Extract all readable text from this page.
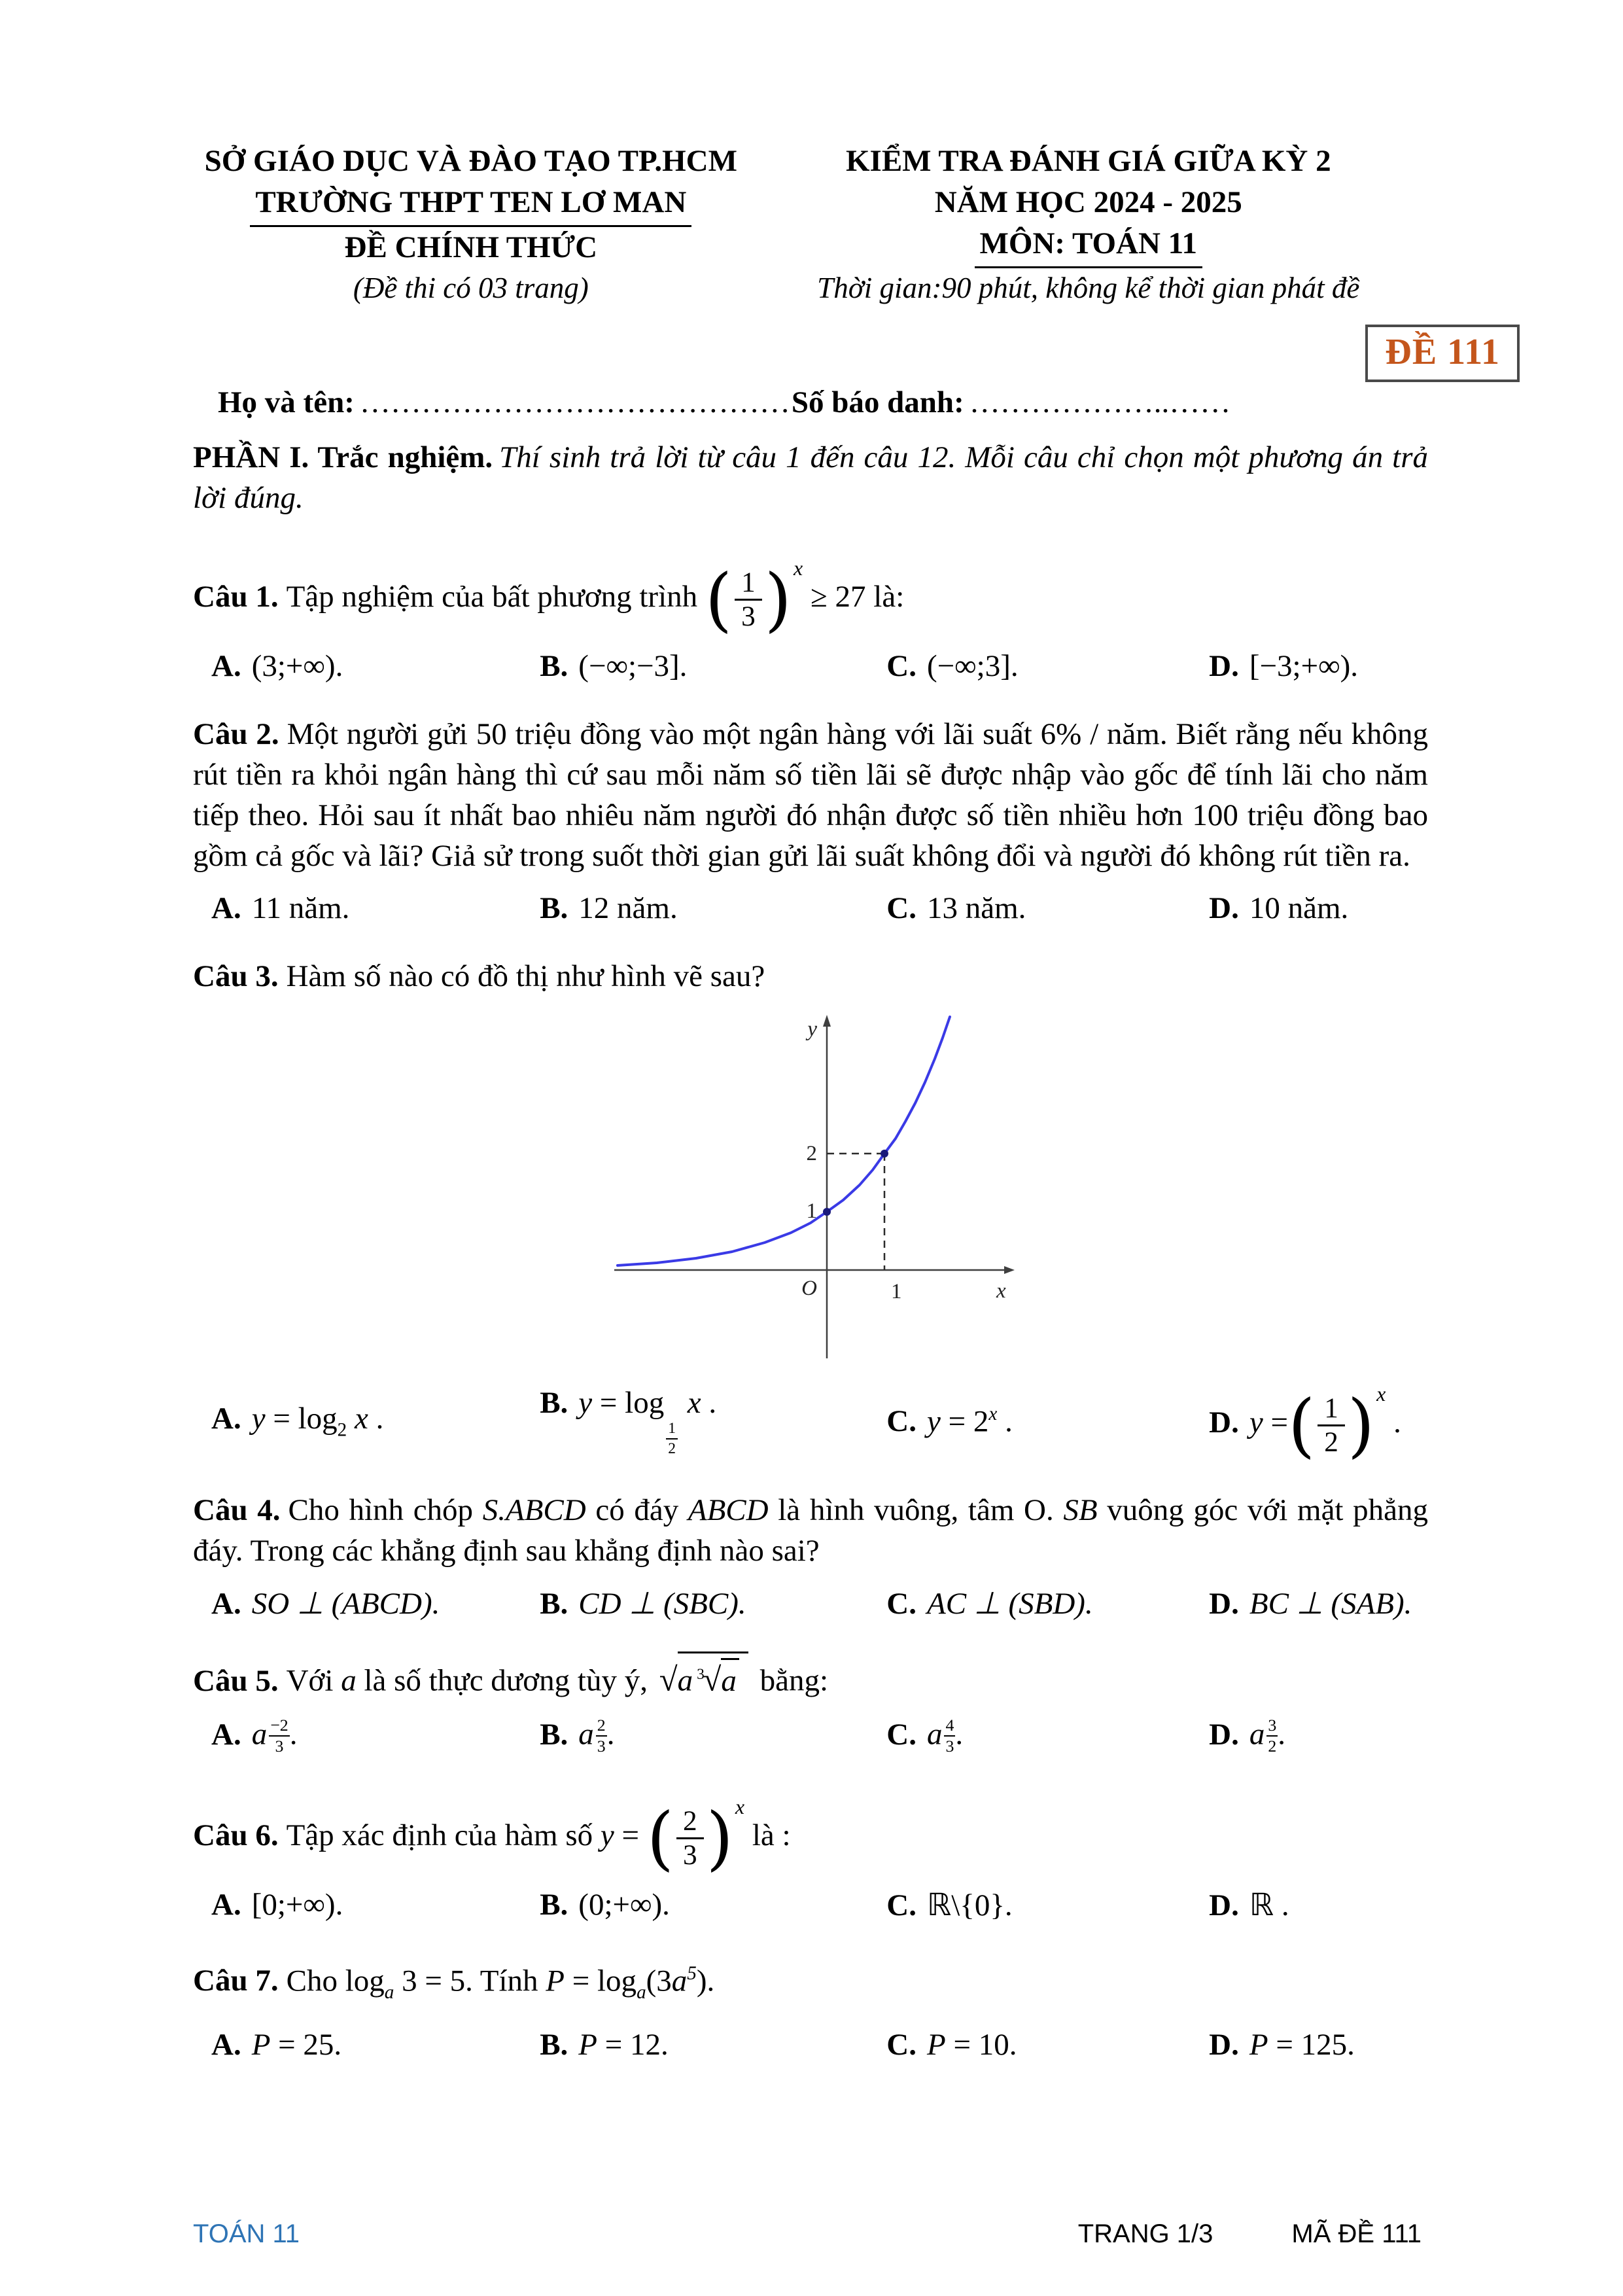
SỞ GIÁO DỤC VÀ ĐÀO TẠO TP.HCM
TRƯỜNG THPT TEN LƠ MAN
ĐỀ CHÍNH THỨC
(Đề thi có 03 trang)
KIỂM TRA ĐÁNH GIÁ GIỮA KỲ 2
NĂM HỌC 2024 - 2025
MÔN: TOÁN 11
Thời gian:90 phút, không kể thời gian phát đề
ĐỀ 111

Họ và tên: ……………………………………Số báo danh: ………………..……

PHẦN I. Trắc nghiệm. Thí sinh trả lời từ câu 1 đến câu 12. Mỗi câu chỉ chọn một phương án trả lời đúng.

Câu 1. Tập nghiệm của bất phương trình ( $\frac{1}{3} )x \ge 27$ là:

A. (3;+∞).	B. (−∞;−3].	C. (−∞;3].	D. [−3;+∞).

Câu 2. Một người gửi 50 triệu đồng vào một ngân hàng với lãi suất 6% / năm. Biết rằng nếu không rút tiền ra khỏi ngân hàng thì cứ sau mỗi năm số tiền lãi sẽ được nhập vào gốc để tính lãi cho năm tiếp theo. Hỏi sau ít nhất bao nhiêu năm người đó nhận được số tiền nhiều hơn 100 triệu đồng bao gồm cả gốc và lãi? Giả sử trong suốt thời gian gửi lãi suất không đổi và người đó không rút tiền ra.

A. 11 năm.	B. 12 năm.	C. 13 năm.	D. 10 năm.

Câu 3. Hàm số nào có đồ thị như hình vẽ sau?

y
x
O
1
2
1
A. $y = \log_2 x$ .	B. y = log
$\frac{1}{2}$
x .
C. $y = 2^x$ .	D. y =( $\frac{1}{2} )x$ .

Câu 4. Cho hình chóp S.ABCD có đáy ABCD là hình vuông, tâm O. SB vuông góc với mặt phẳng đáy. Trong các khẳng định sau khẳng định nào sai?

A. SO ⊥ (ABCD).	B. CD ⊥ (SBC).	C. AC ⊥ (SBD).	D. BC ⊥ (SAB).

Câu 5. Với a là số thực dương tùy ý, √a $^3$√a bằng:

A. a $\frac{-2}{3}$ .	B. a $\frac{2}{3}$ .	C. a $\frac{4}{3}$ .	D. a $\frac{3}{2}$ .

Câu 6. Tập xác định của hàm số y = ( $\frac{2}{3} )x$ là :

A. [0;+∞).	B. (0;+∞).	C. ℝ\{0}.	D. ℝ .

Câu 7. Cho $\log_a 3 = 5$. Tính $P = \log_a(3a^5)$.

A. P = 25.	B. P = 12.	C. P = 10.	D. P = 125.
TOÁN 11	TRANG 1/3	MÃ ĐỀ 111
